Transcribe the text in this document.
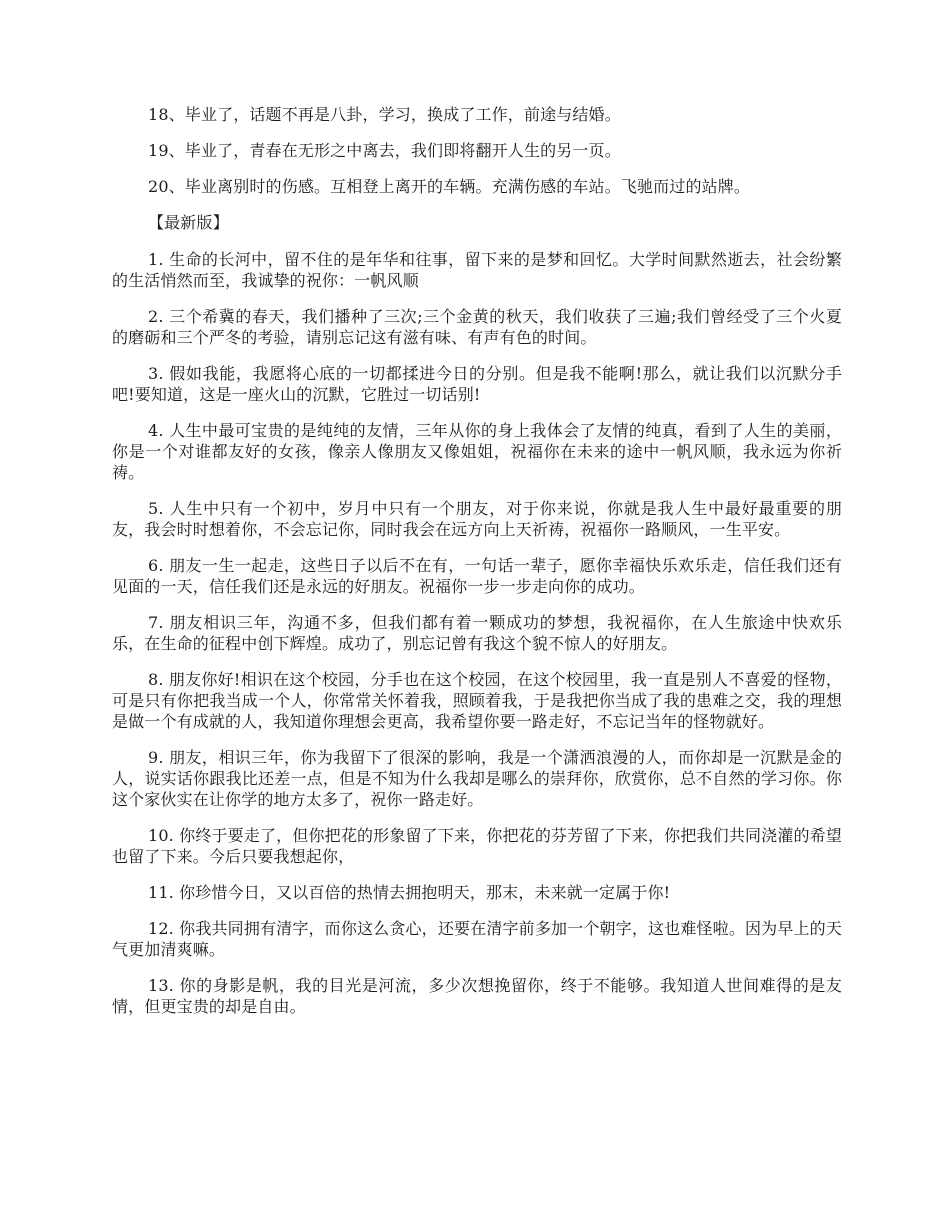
18、毕业了，话题不再是八卦，学习，换成了工作，前途与结婚。

19、毕业了，青春在无形之中离去，我们即将翻开人生的另一页。

20、毕业离别时的伤感。互相登上离开的车辆。充满伤感的车站。飞驰而过的站牌。

【最新版】

1. 生命的长河中，留不住的是年华和往事，留下来的是梦和回忆。大学时间默然逝去，社会纷繁的生活悄然而至，我诚挚的祝你：一帆风顺

2. 三个希冀的春天，我们播种了三次;三个金黄的秋天，我们收获了三遍;我们曾经受了三个火夏的磨砺和三个严冬的考验，请别忘记这有滋有味、有声有色的时间。

3. 假如我能，我愿将心底的一切都揉进今日的分别。但是我不能啊!那么，就让我们以沉默分手吧!要知道，这是一座火山的沉默，它胜过一切话别!

4. 人生中最可宝贵的是纯纯的友情，三年从你的身上我体会了友情的纯真，看到了人生的美丽，你是一个对谁都友好的女孩，像亲人像朋友又像姐姐，祝福你在未来的途中一帆风顺，我永远为你祈祷。

5. 人生中只有一个初中，岁月中只有一个朋友，对于你来说，你就是我人生中最好最重要的朋友，我会时时想着你，不会忘记你，同时我会在远方向上天祈祷，祝福你一路顺风，一生平安。

6. 朋友一生一起走，这些日子以后不在有，一句话一辈子，愿你幸福快乐欢乐走，信任我们还有见面的一天，信任我们还是永远的好朋友。祝福你一步一步走向你的成功。

7. 朋友相识三年，沟通不多，但我们都有着一颗成功的梦想，我祝福你，在人生旅途中快欢乐乐，在生命的征程中创下辉煌。成功了，别忘记曾有我这个貌不惊人的好朋友。

8. 朋友你好!相识在这个校园，分手也在这个校园，在这个校园里，我一直是别人不喜爱的怪物，可是只有你把我当成一个人，你常常关怀着我，照顾着我，于是我把你当成了我的患难之交，我的理想是做一个有成就的人，我知道你理想会更高，我希望你要一路走好，不忘记当年的怪物就好。

9. 朋友，相识三年，你为我留下了很深的影响，我是一个潇洒浪漫的人，而你却是一沉默是金的人，说实话你跟我比还差一点，但是不知为什么我却是哪么的崇拜你，欣赏你，总不自然的学习你。你这个家伙实在让你学的地方太多了，祝你一路走好。

10. 你终于要走了，但你把花的形象留了下来，你把花的芬芳留了下来，你把我们共同浇灌的希望也留了下来。今后只要我想起你，

11. 你珍惜今日，又以百倍的热情去拥抱明天，那末，未来就一定属于你!

12. 你我共同拥有清字，而你这么贪心，还要在清字前多加一个朝字，这也难怪啦。因为早上的天气更加清爽嘛。

13. 你的身影是帆，我的目光是河流，多少次想挽留你，终于不能够。我知道人世间难得的是友情，但更宝贵的却是自由。
